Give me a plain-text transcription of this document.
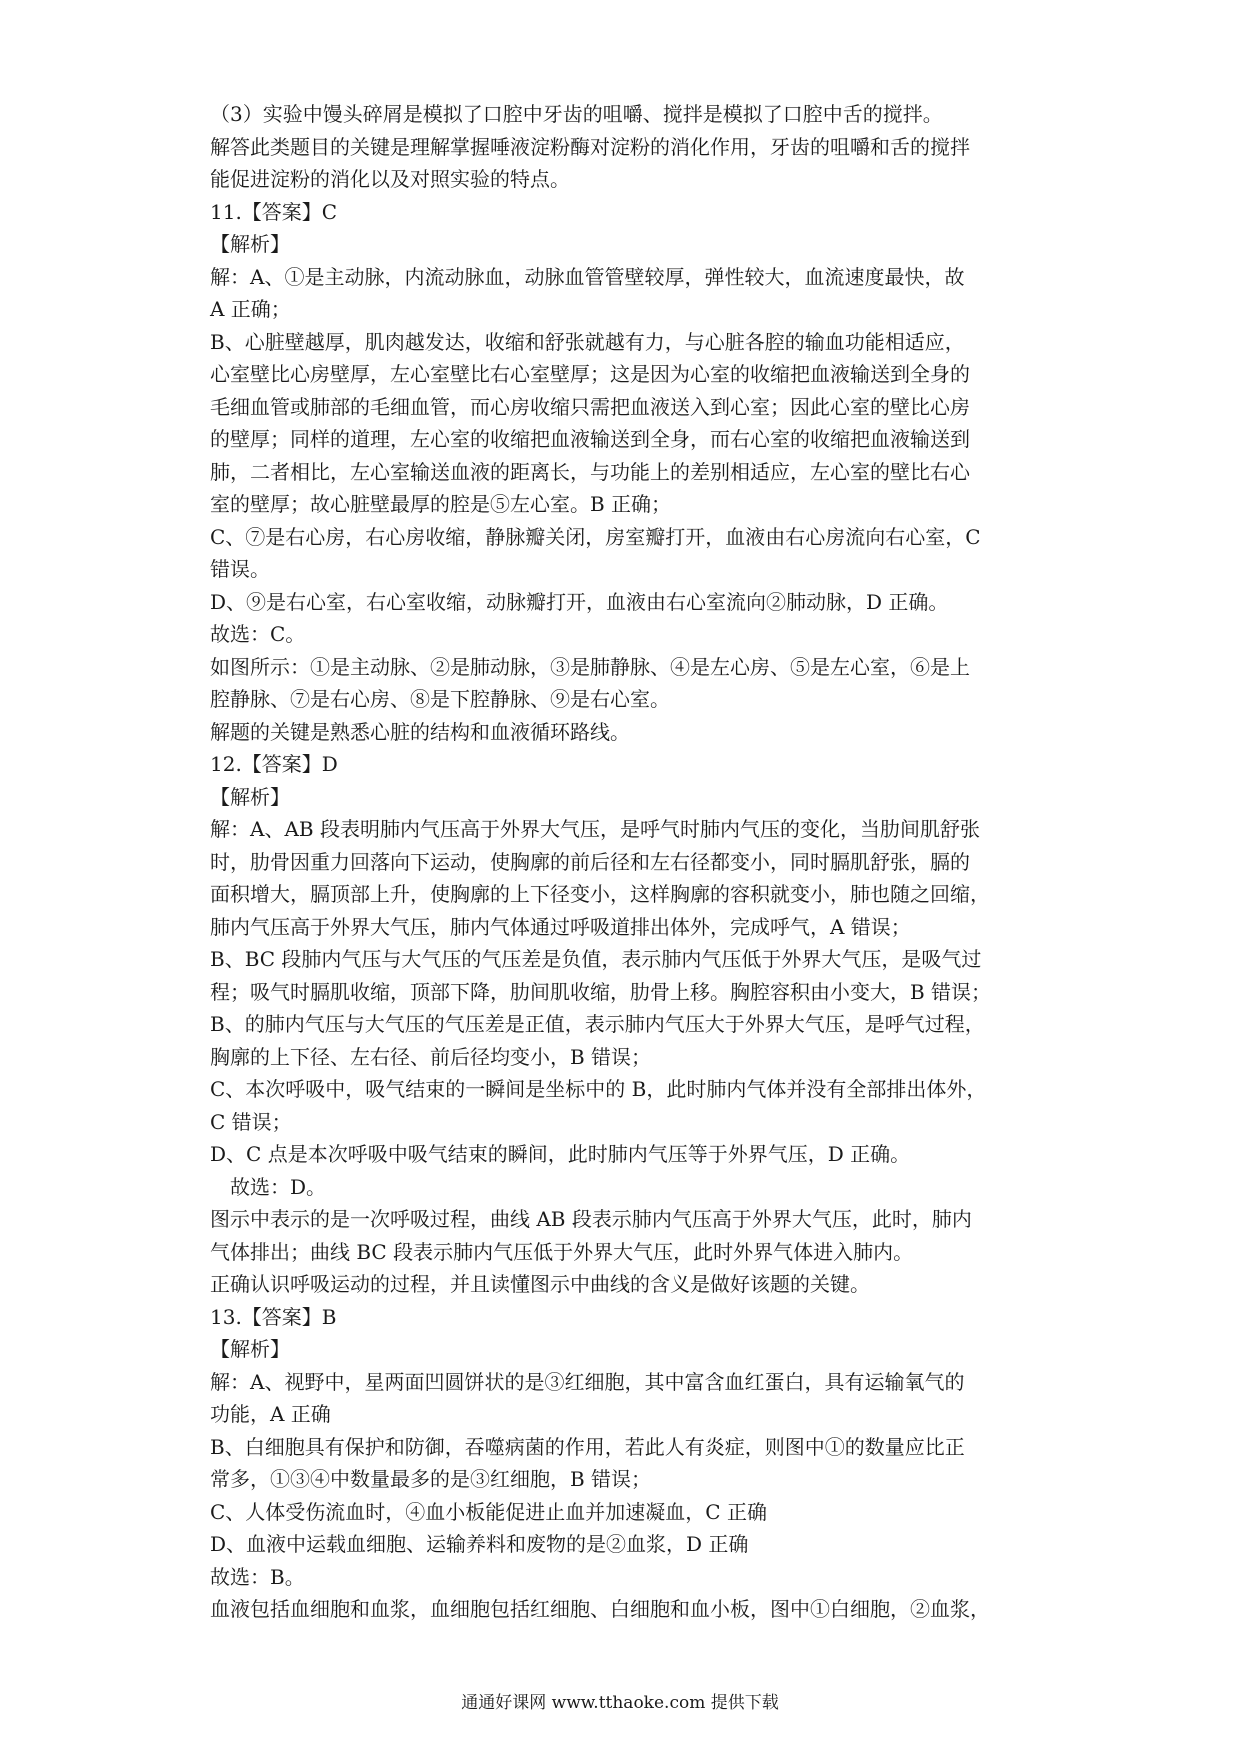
（3）实验中馒头碎屑是模拟了口腔中牙齿的咀嚼、搅拌是模拟了口腔中舌的搅拌。
解答此类题目的关键是理解掌握唾液淀粉酶对淀粉的消化作用，牙齿的咀嚼和舌的搅拌
能促进淀粉的消化以及对照实验的特点。
11.【答案】C
【解析】
解：A、①是主动脉，内流动脉血，动脉血管管壁较厚，弹性较大，血流速度最快，故
A 正确；
B、心脏壁越厚，肌肉越发达，收缩和舒张就越有力，与心脏各腔的输血功能相适应，
心室壁比心房壁厚，左心室壁比右心室壁厚；这是因为心室的收缩把血液输送到全身的
毛细血管或肺部的毛细血管，而心房收缩只需把血液送入到心室；因此心室的壁比心房
的壁厚；同样的道理，左心室的收缩把血液输送到全身，而右心室的收缩把血液输送到
肺，二者相比，左心室输送血液的距离长，与功能上的差别相适应，左心室的壁比右心
室的壁厚；故心脏壁最厚的腔是⑤左心室。B 正确；
C、⑦是右心房，右心房收缩，静脉瓣关闭，房室瓣打开，血液由右心房流向右心室，C
错误。
D、⑨是右心室，右心室收缩，动脉瓣打开，血液由右心室流向②肺动脉，D 正确。
故选：C。
如图所示：①是主动脉、②是肺动脉，③是肺静脉、④是左心房、⑤是左心室，⑥是上
腔静脉、⑦是右心房、⑧是下腔静脉、⑨是右心室。
解题的关键是熟悉心脏的结构和血液循环路线。
12.【答案】D
【解析】
解：A、AB 段表明肺内气压高于外界大气压，是呼气时肺内气压的变化，当肋间肌舒张
时，肋骨因重力回落向下运动，使胸廓的前后径和左右径都变小，同时膈肌舒张，膈的
面积增大，膈顶部上升，使胸廓的上下径变小，这样胸廓的容积就变小，肺也随之回缩，
肺内气压高于外界大气压，肺内气体通过呼吸道排出体外，完成呼气，A 错误；
B、BC 段肺内气压与大气压的气压差是负值，表示肺内气压低于外界大气压，是吸气过
程；吸气时膈肌收缩，顶部下降，肋间肌收缩，肋骨上移。胸腔容积由小变大，B 错误；
B、的肺内气压与大气压的气压差是正值，表示肺内气压大于外界大气压，是呼气过程，
胸廓的上下径、左右径、前后径均变小，B 错误；
C、本次呼吸中，吸气结束的一瞬间是坐标中的 B，此时肺内气体并没有全部排出体外，
C 错误；
D、C 点是本次呼吸中吸气结束的瞬间，此时肺内气压等于外界气压，D 正确。
　故选：D。
图示中表示的是一次呼吸过程，曲线 AB 段表示肺内气压高于外界大气压，此时，肺内
气体排出；曲线 BC 段表示肺内气压低于外界大气压，此时外界气体进入肺内。
正确认识呼吸运动的过程，并且读懂图示中曲线的含义是做好该题的关键。
13.【答案】B
【解析】
解：A、视野中，星两面凹圆饼状的是③红细胞，其中富含血红蛋白，具有运输氧气的
功能，A 正确
B、白细胞具有保护和防御，吞噬病菌的作用，若此人有炎症，则图中①的数量应比正
常多，①③④中数量最多的是③红细胞，B 错误；
C、人体受伤流血时，④血小板能促进止血并加速凝血，C 正确
D、血液中运载血细胞、运输养料和废物的是②血浆，D 正确
故选：B。
血液包括血细胞和血浆，血细胞包括红细胞、白细胞和血小板，图中①白细胞，②血浆，
通通好课网 www.tthaoke.com 提供下载
